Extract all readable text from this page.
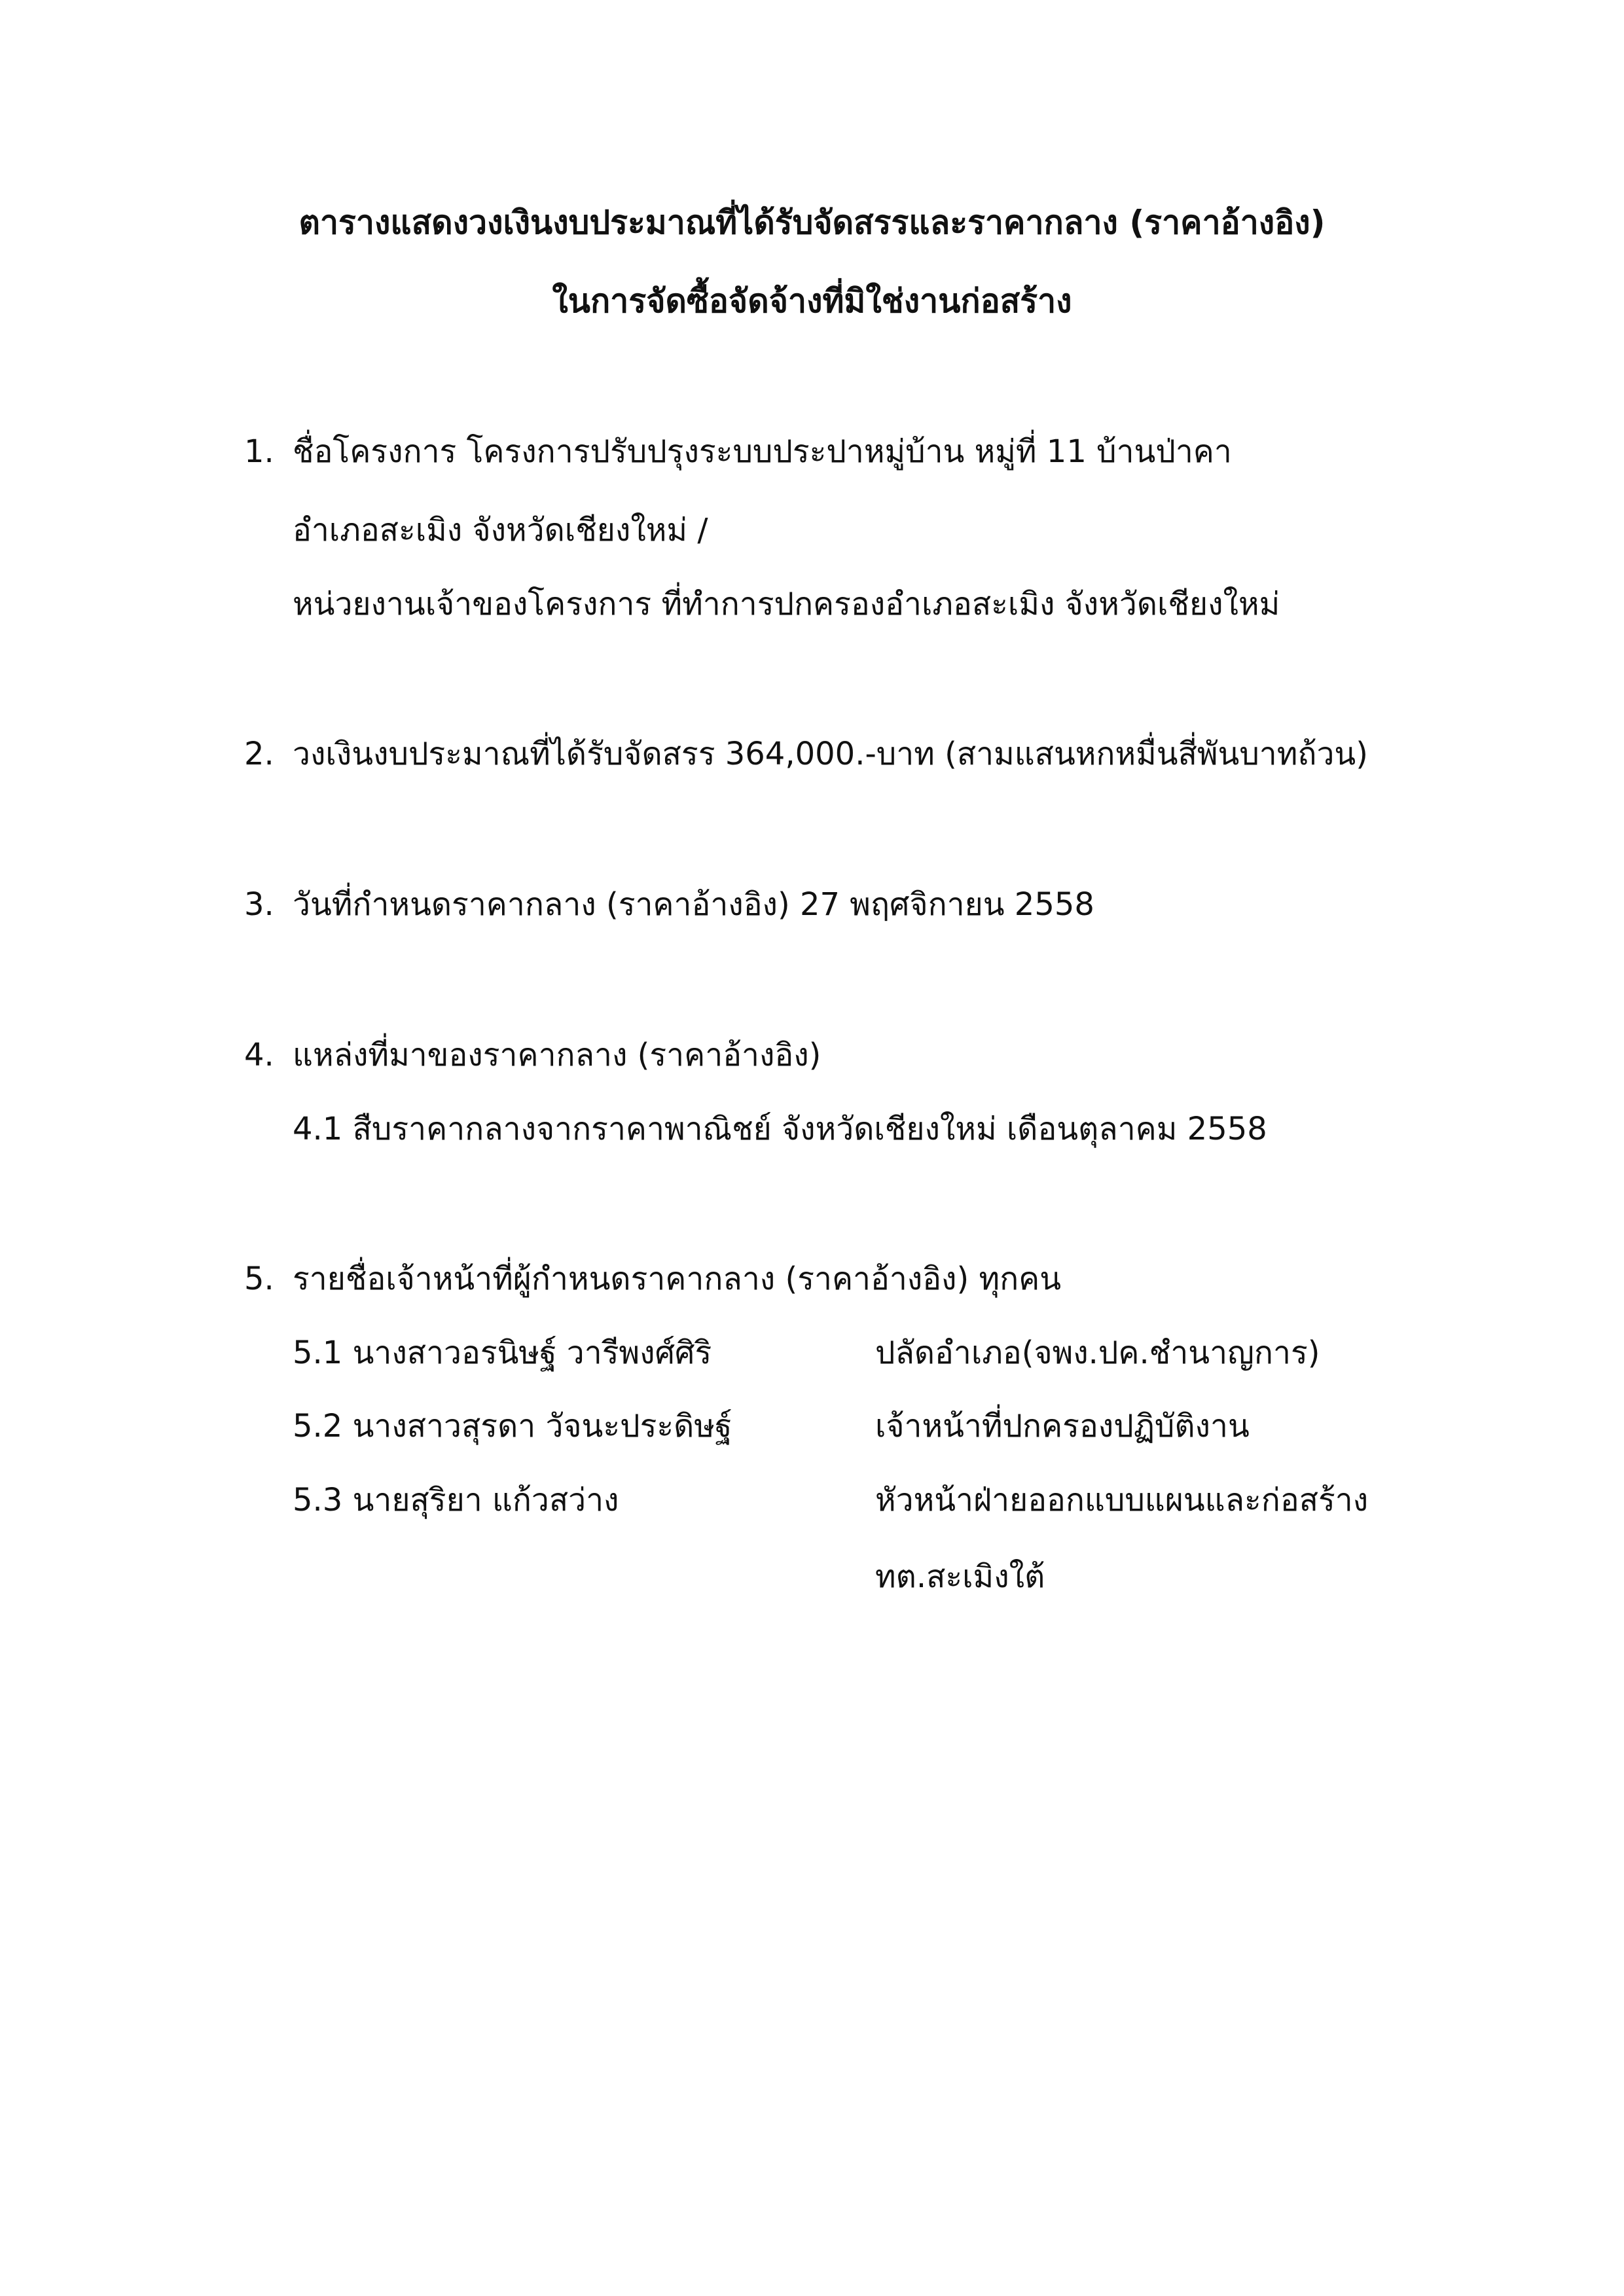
ตารางแสดงวงเงินงบประมาณที่ได้รับจัดสรรและราคากลาง (ราคาอ้างอิง)
ในการจัดซื้อจัดจ้างที่มิใช่งานก่อสร้าง
1. ชื่อโครงการ โครงการปรับปรุงระบบประปาหมู่บ้าน หมู่ที่ 11 บ้านป่าคา
อำเภอสะเมิง จังหวัดเชียงใหม่ /
หน่วยงานเจ้าของโครงการ ที่ทำการปกครองอำเภอสะเมิง จังหวัดเชียงใหม่
2. วงเงินงบประมาณที่ได้รับจัดสรร 364,000.-บาท (สามแสนหกหมื่นสี่พันบาทถ้วน)
3. วันที่กำหนดราคากลาง (ราคาอ้างอิง) 27 พฤศจิกายน 2558
4. แหล่งที่มาของราคากลาง (ราคาอ้างอิง)
4.1 สืบราคากลางจากราคาพาณิชย์ จังหวัดเชียงใหม่ เดือนตุลาคม 2558
5. รายชื่อเจ้าหน้าที่ผู้กำหนดราคากลาง (ราคาอ้างอิง) ทุกคน
5.1 นางสาวอรนิษฐ์ วารีพงศ์ศิริ	ปลัดอำเภอ(จพง.ปค.ชำนาญการ)
5.2 นางสาวสุรดา วัจนะประดิษฐ์	เจ้าหน้าที่ปกครองปฏิบัติงาน
5.3 นายสุริยา แก้วสว่าง	หัวหน้าฝ่ายออกแบบแผนและก่อสร้าง
ทต.สะเมิงใต้
